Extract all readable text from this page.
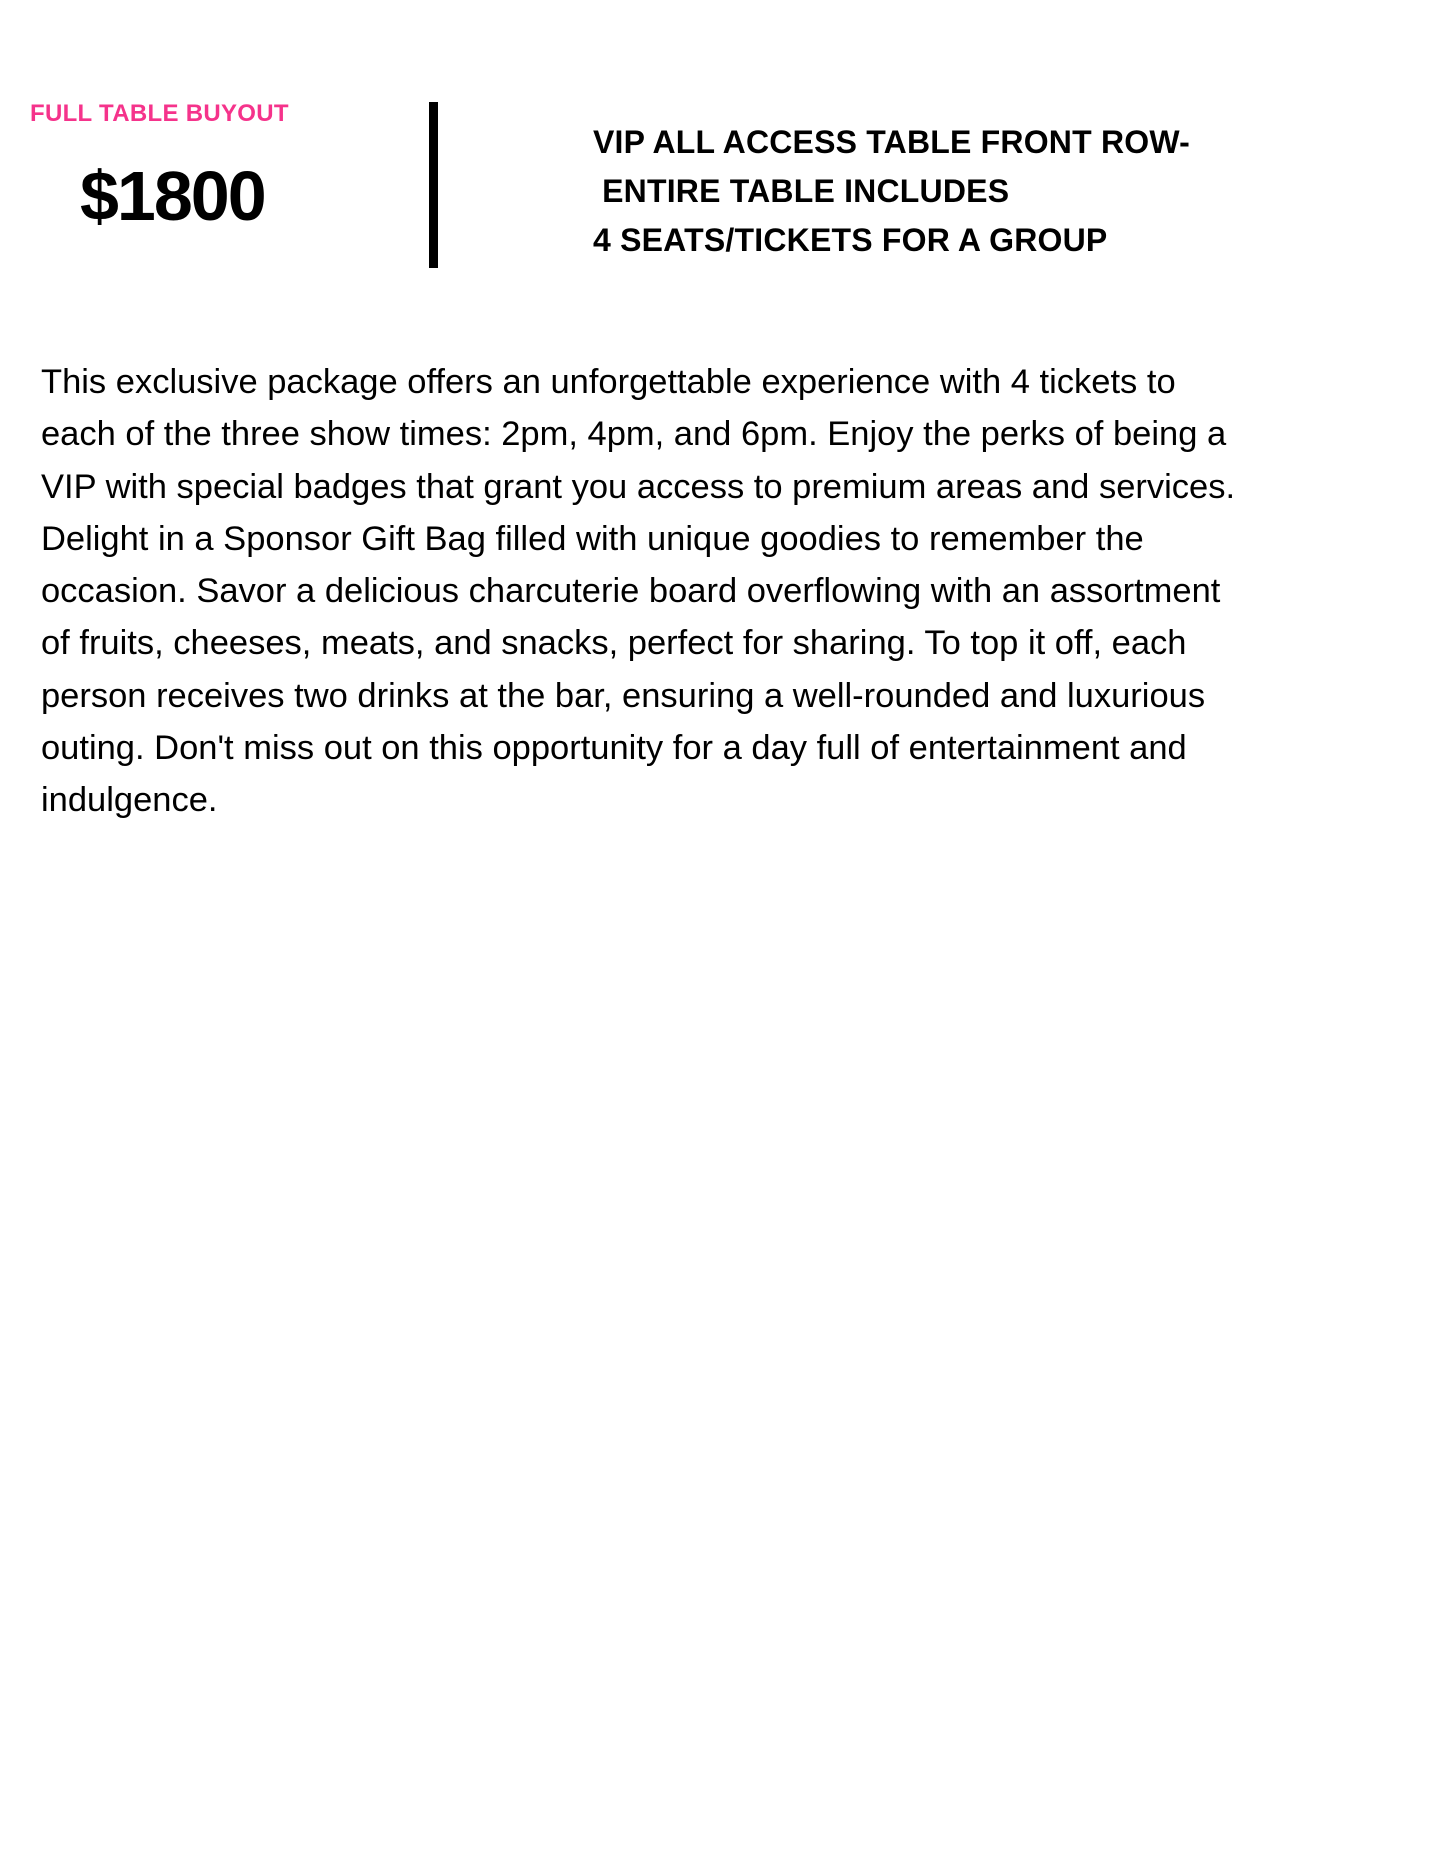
FULL TABLE BUYOUT
$1800
VIP ALL ACCESS TABLE FRONT ROW-
ENTIRE TABLE INCLUDES
4 SEATS/TICKETS FOR A GROUP
This exclusive package offers an unforgettable experience with 4 tickets to
each of the three show times: 2pm, 4pm, and 6pm. Enjoy the perks of being a
VIP with special badges that grant you access to premium areas and services.
Delight in a Sponsor Gift Bag filled with unique goodies to remember the
occasion. Savor a delicious charcuterie board overflowing with an assortment
of fruits, cheeses, meats, and snacks, perfect for sharing. To top it off, each
person receives two drinks at the bar, ensuring a well-rounded and luxurious
outing. Don't miss out on this opportunity for a day full of entertainment and
indulgence.
